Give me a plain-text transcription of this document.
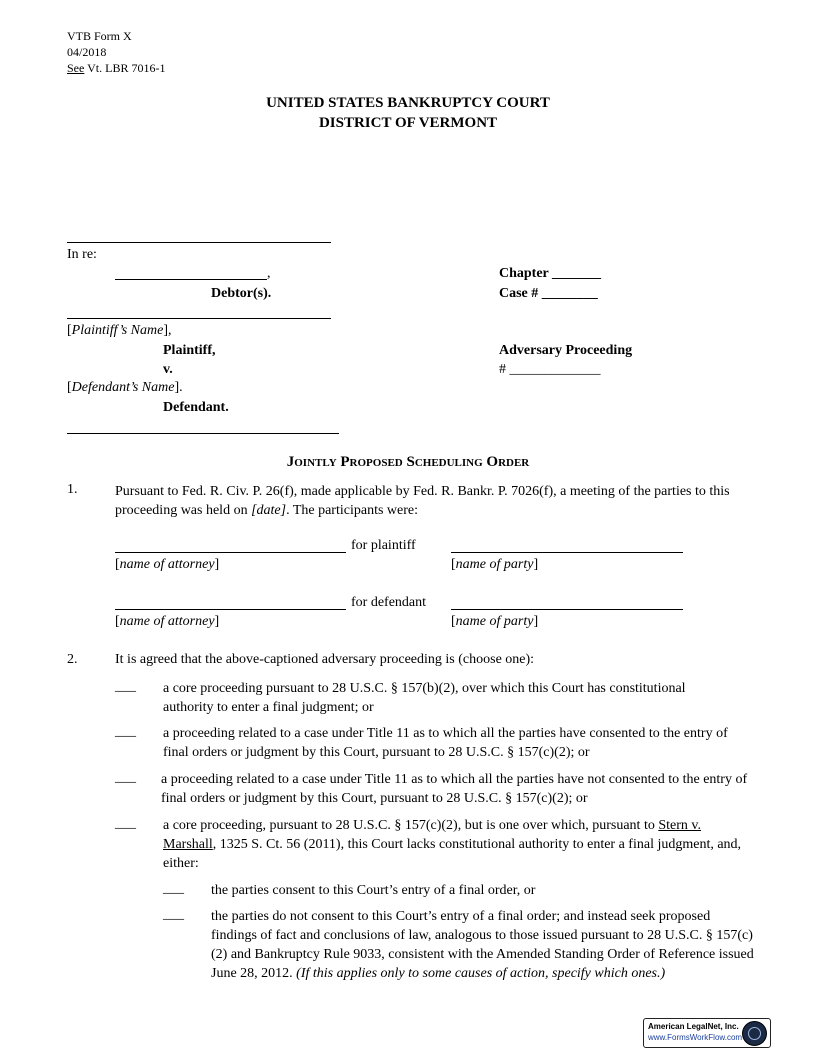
VTB Form X
04/2018
See Vt. LBR 7016-1
UNITED STATES BANKRUPTCY COURT
DISTRICT OF VERMONT
In re:
,
Debtor(s).
[Plaintiff’s Name],
Plaintiff,
v.
[Defendant’s Name].
Defendant.
Chapter _______
Case # ________
Adversary Proceeding
# _____________
Jointly Proposed Scheduling Order
1.	Pursuant to Fed. R. Civ. P. 26(f), made applicable by Fed. R. Bankr. P. 7026(f), a meeting of the parties to this proceeding was held on [date]. The participants were:
for plaintiff
[name of attorney]	[name of party]
for defendant
[name of attorney]	[name of party]
2.	It is agreed that the above-captioned adversary proceeding is (choose one):
___ a core proceeding pursuant to 28 U.S.C. § 157(b)(2), over which this Court has constitutional authority to enter a final judgment; or
___ a proceeding related to a case under Title 11 as to which all the parties have consented to the entry of final orders or judgment by this Court, pursuant to 28 U.S.C. § 157(c)(2); or
___ a proceeding related to a case under Title 11 as to which all the parties have not consented to the entry of final orders or judgment by this Court, pursuant to 28 U.S.C. § 157(c)(2); or
___ a core proceeding, pursuant to 28 U.S.C. § 157(c)(2), but is one over which, pursuant to Stern v. Marshall, 1325 S. Ct. 56 (2011), this Court lacks constitutional authority to enter a final judgment, and, either:
___ the parties consent to this Court’s entry of a final order, or
___ the parties do not consent to this Court’s entry of a final order; and instead seek proposed findings of fact and conclusions of law, analogous to those issued pursuant to 28 U.S.C. § 157(c)(2) and Bankruptcy Rule 9033, consistent with the Amended Standing Order of Reference issued June 28, 2012. (If this applies only to some causes of action, specify which ones.)
American LegalNet, Inc.
www.FormsWorkFlow.com
